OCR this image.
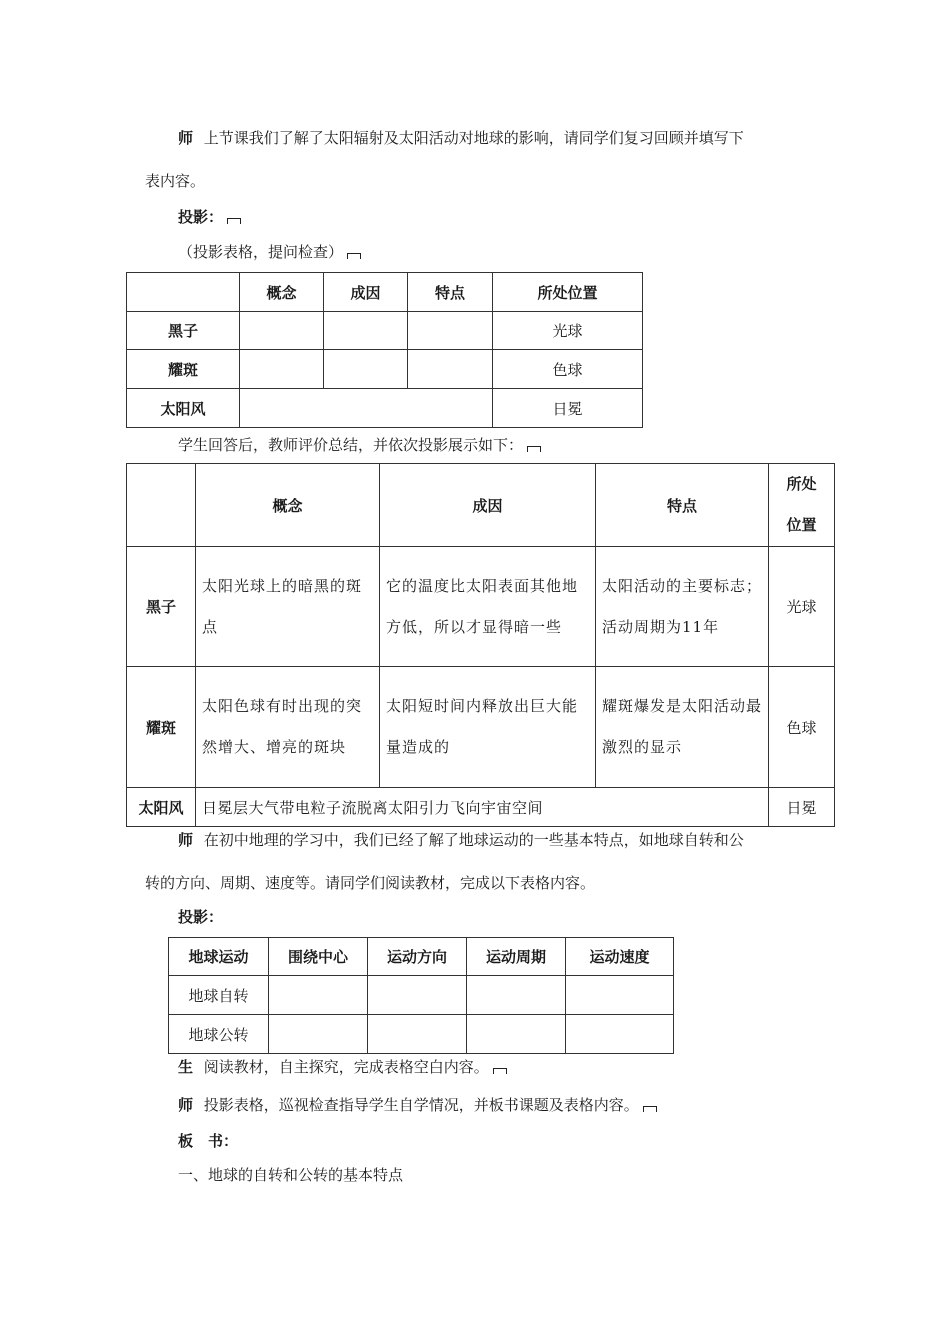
师 上节课我们了解了太阳辐射及太阳活动对地球的影响，请同学们复习回顾并填写下
表内容。
投影：
（投影表格，提问检查）
	概念	成因	特点	所处位置
黑子				光球
耀斑				色球
太阳风				日冕
学生回答后，教师评价总结，并依次投影展示如下：
	概念	成因	特点	所处
位置

黑子	太阳光球上的暗黑的斑点	它的温度比太阳表面其他地方低，所以才显得暗一些	太阳活动的主要标志；活动周期为11年	光球
耀斑	太阳色球有时出现的突然增大、增亮的斑块	太阳短时间内释放出巨大能量造成的	耀斑爆发是太阳活动最激烈的显示	色球
太阳风	日冕层大气带电粒子流脱离太阳引力飞向宇宙空间			日冕
师 在初中地理的学习中，我们已经了解了地球运动的一些基本特点，如地球自转和公
转的方向、周期、速度等。请同学们阅读教材，完成以下表格内容。
投影：
地球运动	围绕中心	运动方向	运动周期	运动速度
地球自转				
地球公转				
生 阅读教材，自主探究，完成表格空白内容。
师 投影表格，巡视检查指导学生自学情况，并板书课题及表格内容。
板　书：
一、地球的自转和公转的基本特点
